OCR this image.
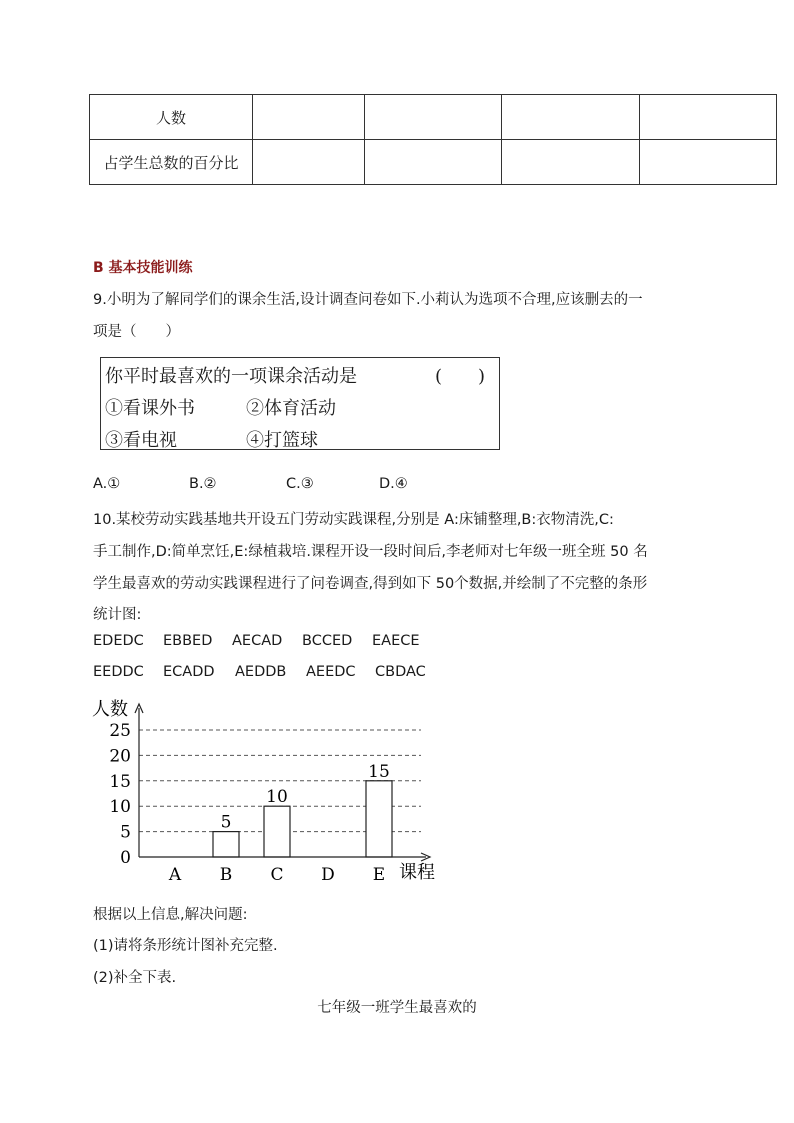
人数				
占学生总数的百分比				
B 基本技能训练
9.小明为了解同学们的课余生活,设计调查问卷如下.小莉认为选项不合理,应该删去的一
项是（　　）
你平时最喜欢的一项课余活动是	(　　)
①看课外书	②体育活动
③看电视	④打篮球
A.①	B.②	C.③	D.④
10.某校劳动实践基地共开设五门劳动实践课程,分别是 A:床铺整理,B:衣物清洗,C:
手工制作,D:简单烹饪,E:绿植栽培.课程开设一段时间后,李老师对七年级一班全班 50 名
学生最喜欢的劳动实践课程进行了问卷调查,得到如下 50个数据,并绘制了不完整的条形
统计图:
EDEDC EBBED AECAD BCCED EAECE
EEDDC ECADD AEDDB AEEDC CBDAC
人数
课程
0
5
10
15
20
25
A B C D E
5
10
15
根据以上信息,解决问题:
(1)请将条形统计图补充完整.
(2)补全下表.
七年级一班学生最喜欢的
